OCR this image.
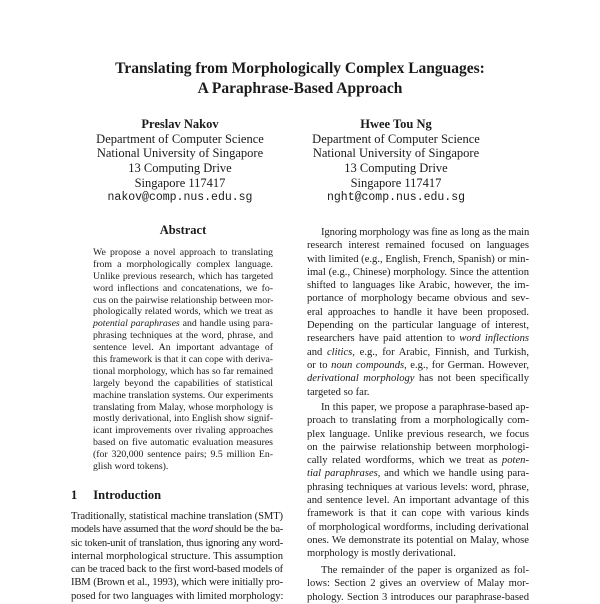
Translating from Morphologically Complex Languages:
A Paraphrase-Based Approach
Preslav Nakov
Department of Computer Science
National University of Singapore
13 Computing Drive
Singapore 117417
nakov@comp.nus.edu.sg
Hwee Tou Ng
Department of Computer Science
National University of Singapore
13 Computing Drive
Singapore 117417
nght@comp.nus.edu.sg
Abstract
We propose a novel approach to translating
from a morphologically complex language.
Unlike previous research, which has targeted
word inflections and concatenations, we fo-
cus on the pairwise relationship between mor-
phologically related words, which we treat as
potential paraphrases and handle using para-
phrasing techniques at the word, phrase, and
sentence level. An important advantage of
this framework is that it can cope with deriva-
tional morphology, which has so far remained
largely beyond the capabilities of statistical
machine translation systems. Our experiments
translating from Malay, whose morphology is
mostly derivational, into English show signif-
icant improvements over rivaling approaches
based on five automatic evaluation measures
(for 320,000 sentence pairs; 9.5 million En-
glish word tokens).
1 Introduction
Traditionally, statistical machine translation (SMT)
models have assumed that the word should be the ba-
sic token-unit of translation, thus ignoring any word-
internal morphological structure. This assumption
can be traced back to the first word-based models of
IBM (Brown et al., 1993), which were initially pro-
posed for two languages with limited morphology:
Ignoring morphology was fine as long as the main
research interest remained focused on languages
with limited (e.g., English, French, Spanish) or min-
imal (e.g., Chinese) morphology. Since the attention
shifted to languages like Arabic, however, the im-
portance of morphology became obvious and sev-
eral approaches to handle it have been proposed.
Depending on the particular language of interest,
researchers have paid attention to word inflections
and clitics, e.g., for Arabic, Finnish, and Turkish,
or to noun compounds, e.g., for German. However,
derivational morphology has not been specifically
targeted so far.
In this paper, we propose a paraphrase-based ap-
proach to translating from a morphologically com-
plex language. Unlike previous research, we focus
on the pairwise relationship between morphologi-
cally related wordforms, which we treat as poten-
tial paraphrases, and which we handle using para-
phrasing techniques at various levels: word, phrase,
and sentence level. An important advantage of this
framework is that it can cope with various kinds
of morphological wordforms, including derivational
ones. We demonstrate its potential on Malay, whose
morphology is mostly derivational.
The remainder of the paper is organized as fol-
lows: Section 2 gives an overview of Malay mor-
phology. Section 3 introduces our paraphrase-based
